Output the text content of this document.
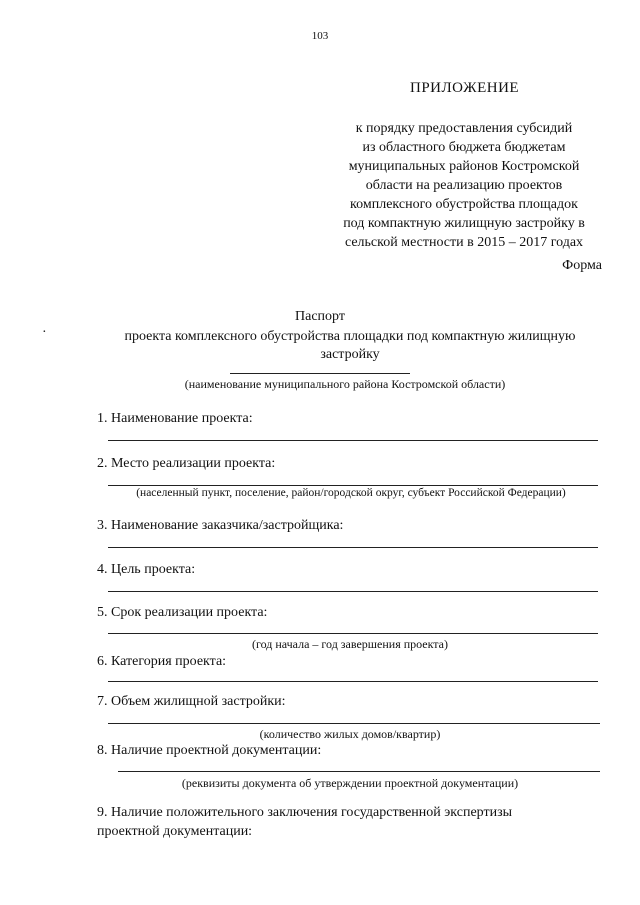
103
ПРИЛОЖЕНИЕ
к порядку предоставления субсидий
из областного бюджета бюджетам
муниципальных районов Костромской
области на реализацию проектов
комплексного обустройства площадок
под компактную жилищную застройку в
сельской местности в 2015 – 2017 годах
Форма
·
Паспорт
проекта комплексного обустройства площадки под компактную жилищную
застройку
(наименование муниципального района Костромской области)
1. Наименование проекта:
2. Место реализации проекта:
(населенный пункт, поселение, район/городской округ, субъект Российской Федерации)
3. Наименование заказчика/застройщика:
4. Цель проекта:
5. Срок реализации проекта:
(год начала – год завершения проекта)
6. Категория проекта:
7. Объем жилищной застройки:
(количество жилых домов/квартир)
8. Наличие проектной документации:
(реквизиты документа об утверждении проектной документации)
9. Наличие положительного заключения государственной экспертизы
проектной документации:
